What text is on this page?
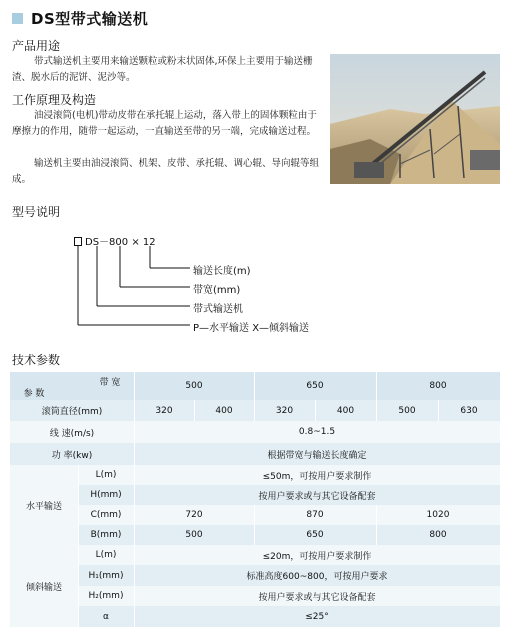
DS型带式输送机
产品用途
带式输送机主要用来输送颗粒或粉末状固体,环保上主要用于输送栅渣、脱水后的泥饼、泥沙等。
工作原理及构造
油浸滚筒(电机)带动皮带在承托辊上运动，落入带上的固体颗粒由于摩擦力的作用，随带一起运动，一直输送至带的另一端，完成输送过程。
输送机主要由油浸滚筒、机架、皮带、承托辊、调心辊、导向辊等组成。
型号说明
DS－800 × 12
输送长度(m)
带宽(mm)
带式输送机
P—水平输送 X—倾斜输送
技术参数
带 宽
参 数
500	650	800
滚筒直径(mm)	320	400	320	400	500	630
线 速(m/s)	0.8~1.5
功 率(kw)	根据带宽与输送长度确定
水平输送
L(m)	≤50m，可按用户要求制作
H(mm)	按用户要求或与其它设备配套
C(mm)	720	870	1020
B(mm)	500	650	800
倾斜输送
L(m)	≤20m，可按用户要求制作
H₁(mm)	标准高度600~800，可按用户要求
H₂(mm)	按用户要求或与其它设备配套
α	≤25°
